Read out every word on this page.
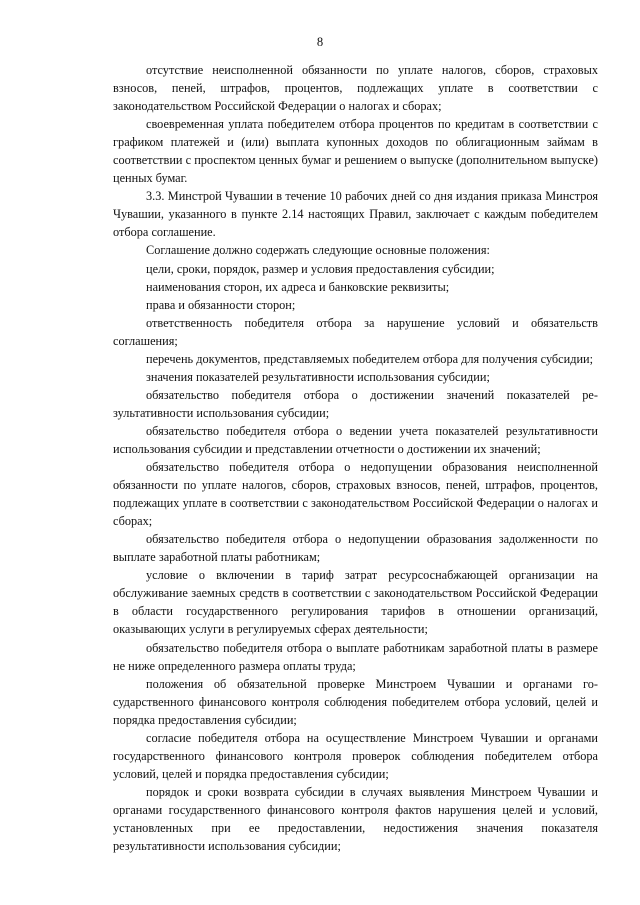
8

отсутствие неисполненной обязанности по уплате налогов, сборов, страховых взносов, пеней, штрафов, процентов, подлежащих уплате в соответствии с законодательством Российской Федерации о налогах и сборах;

своевременная уплата победителем отбора процентов по кредитам в соответствии с графиком платежей и (или) выплата купонных доходов по облигационным займам в соответствии с проспектом ценных бумаг и решением о выпуске (дополнительном выпуске) ценных бумаг.

3.3. Минстрой Чувашии в течение 10 рабочих дней со дня издания приказа Минстроя Чувашии, указанного в пункте 2.14 настоящих Правил, заключает с каждым победителем отбора соглашение.

Соглашение должно содержать следующие основные положения:

цели, сроки, порядок, размер и условия предоставления субсидии;

наименования сторон, их адреса и банковские реквизиты;

права и обязанности сторон;

ответственность победителя отбора за нарушение условий и обязательств соглашения;

перечень документов, представляемых победителем отбора для получения субсидии;

значения показателей результативности использования субсидии;

обязательство победителя отбора о достижении значений показателей результативности использования субсидии;

обязательство победителя отбора о ведении учета показателей результативности использования субсидии и представлении отчетности о достижении их значений;

обязательство победителя отбора о недопущении образования неисполненной обязанности по уплате налогов, сборов, страховых взносов, пеней, штрафов, процентов, подлежащих уплате в соответствии с законодательством Российской Федерации о налогах и сборах;

обязательство победителя отбора о недопущении образования задолженности по выплате заработной платы работникам;

условие о включении в тариф затрат ресурсоснабжающей организации на обслуживание заемных средств в соответствии с законодательством Российской Федерации в области государственного регулирования тарифов в отношении организаций, оказывающих услуги в регулируемых сферах деятельности;

обязательство победителя отбора о выплате работникам заработной платы в размере не ниже определенного размера оплаты труда;

положения об обязательной проверке Минстроем Чувашии и органами государственного финансового контроля соблюдения победителем отбора условий, целей и порядка предоставления субсидии;

согласие победителя отбора на осуществление Минстроем Чувашии и органами государственного финансового контроля проверок соблюдения победителем отбора условий, целей и порядка предоставления субсидии;

порядок и сроки возврата субсидии в случаях выявления Минстроем Чувашии и органами государственного финансового контроля фактов нарушения целей и условий, установленных при ее предоставлении, недостижения значения показателя результативности использования субсидии;
